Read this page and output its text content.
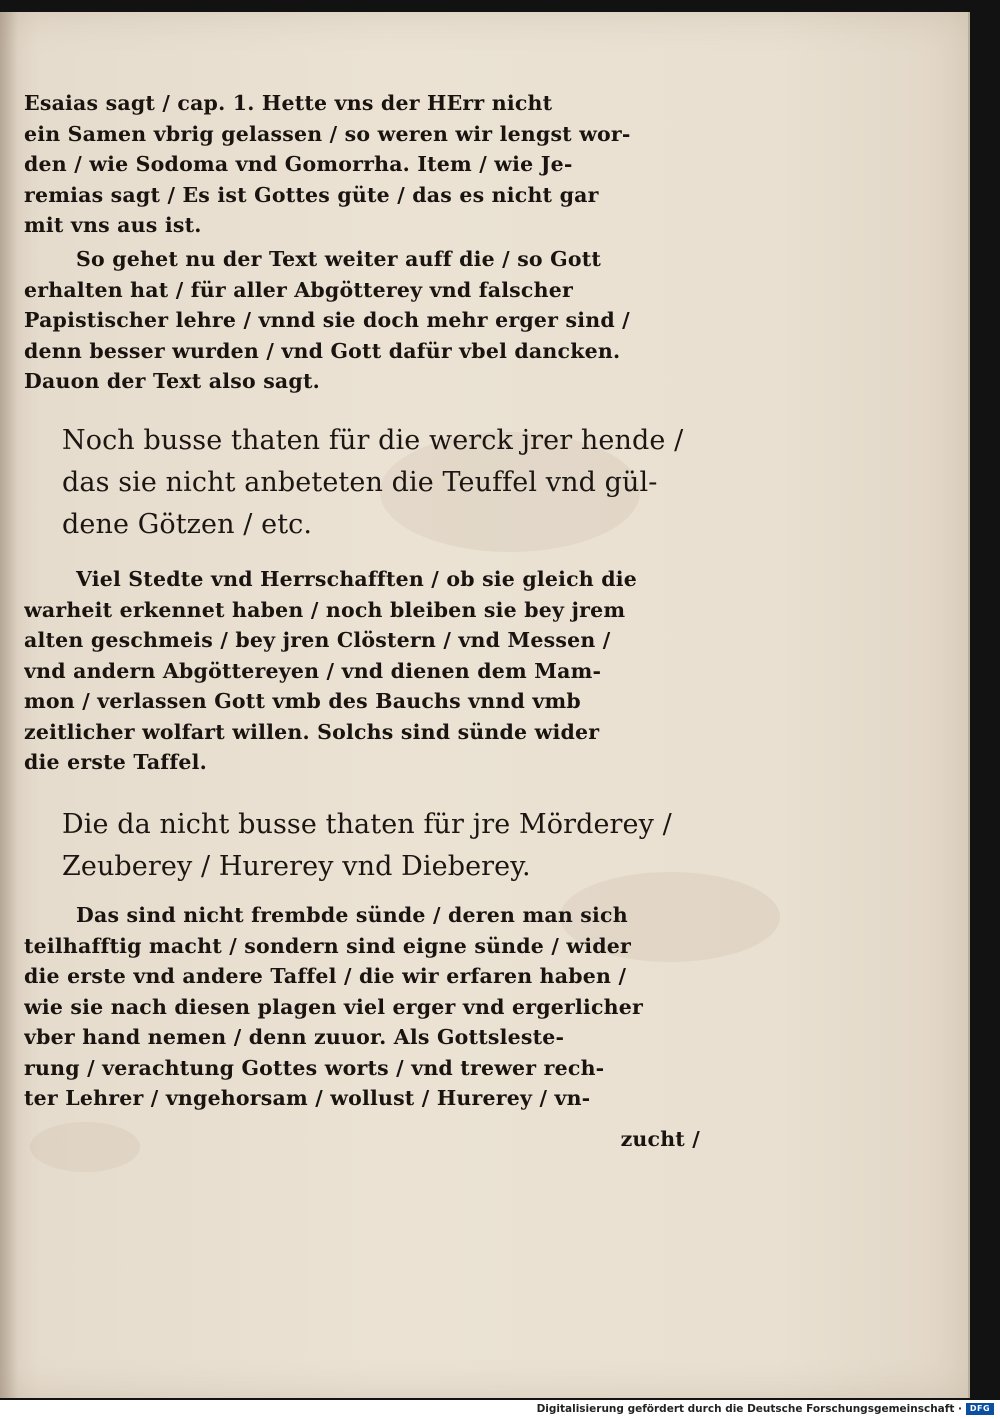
Esaias sagt / cap. 1. Hette vns der HErr nicht
ein Samen vbrig gelassen / so weren wir lengst wor-
den / wie Sodoma vnd Gomorrha. Item / wie Je-
remias sagt / Es ist Gottes güte / das es nicht gar
mit vns aus ist.
So gehet nu der Text weiter auff die / so Gott
erhalten hat / für aller Abgötterey vnd falscher
Papistischer lehre / vnnd sie doch mehr erger sind /
denn besser wurden / vnd Gott dafür vbel dancken.
Dauon der Text also sagt.
Noch busse thaten für die werck jrer hende /
das sie nicht anbeteten die Teuffel vnd gül-
dene Götzen / etc.
Viel Stedte vnd Herrschafften / ob sie gleich die
warheit erkennet haben / noch bleiben sie bey jrem
alten geschmeis / bey jren Clöstern / vnd Messen /
vnd andern Abgöttereyen / vnd dienen dem Mam-
mon / verlassen Gott vmb des Bauchs vnnd vmb
zeitlicher wolfart willen. Solchs sind sünde wider
die erste Taffel.
Die da nicht busse thaten für jre Mörderey /
Zeuberey / Hurerey vnd Dieberey.
Das sind nicht frembde sünde / deren man sich
teilhafftig macht / sondern sind eigne sünde / wider
die erste vnd andere Taffel / die wir erfaren haben /
wie sie nach diesen plagen viel erger vnd ergerlicher
vber hand nemen / denn zuuor. Als Gottsleste-
rung / verachtung Gottes worts / vnd trewer rech-
ter Lehrer / vngehorsam / wollust / Hurerey / vn-
zucht /
Digitalisierung gefördert durch die Deutsche Forschungsgemeinschaft · DFG
